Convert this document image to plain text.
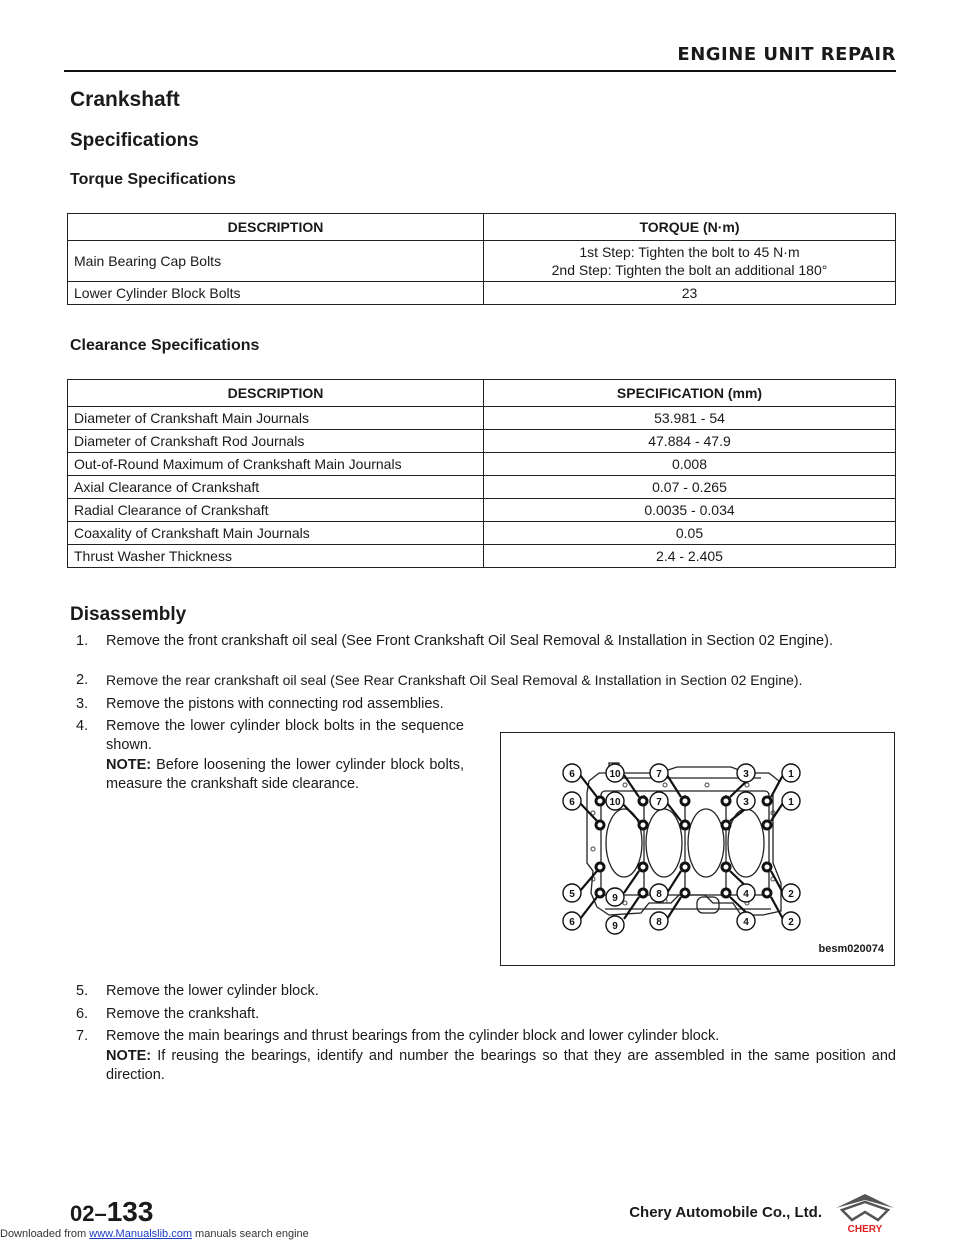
ENGINE UNIT REPAIR
Crankshaft
Specifications
Torque Specifications
DESCRIPTION	TORQUE (N·m)
Main Bearing Cap Bolts	1st Step: Tighten the bolt to 45 N·m
2nd Step: Tighten the bolt an additional 180°

Lower Cylinder Block Bolts	23
Clearance Specifications
DESCRIPTION	SPECIFICATION (mm)
Diameter of Crankshaft Main Journals	53.981 - 54
Diameter of Crankshaft Rod Journals	47.884 - 47.9
Out-of-Round Maximum of Crankshaft Main Journals	0.008
Axial Clearance of Crankshaft	0.07 - 0.265
Radial Clearance of Crankshaft	0.0035 - 0.034
Coaxality of Crankshaft Main Journals	0.05
Thrust Washer Thickness	2.4 - 2.405
Disassembly
1. Remove the front crankshaft oil seal (See Front Crankshaft Oil Seal Removal & Installation in Section 02 Engine).
2. Remove the rear crankshaft oil seal (See Rear Crankshaft Oil Seal Removal & Installation in Section 02 Engine).
3. Remove the pistons with connecting rod assemblies.
4. Remove the lower cylinder block bolts in the sequence shown.
NOTE: Before loosening the lower cylinder block bolts, measure the crankshaft side clearance.
6	10	7	3	1
6	10	7	3	1
5	9	8	4	2
6	9	8	4	2
besm020074
5. Remove the lower cylinder block.
6. Remove the crankshaft.
7. Remove the main bearings and thrust bearings from the cylinder block and lower cylinder block.
NOTE: If reusing the bearings, identify and number the bearings so that they are assembled in the same position and direction.
02–133	Chery Automobile Co., Ltd.
CHERY
Downloaded from www.Manualslib.com manuals search engine
